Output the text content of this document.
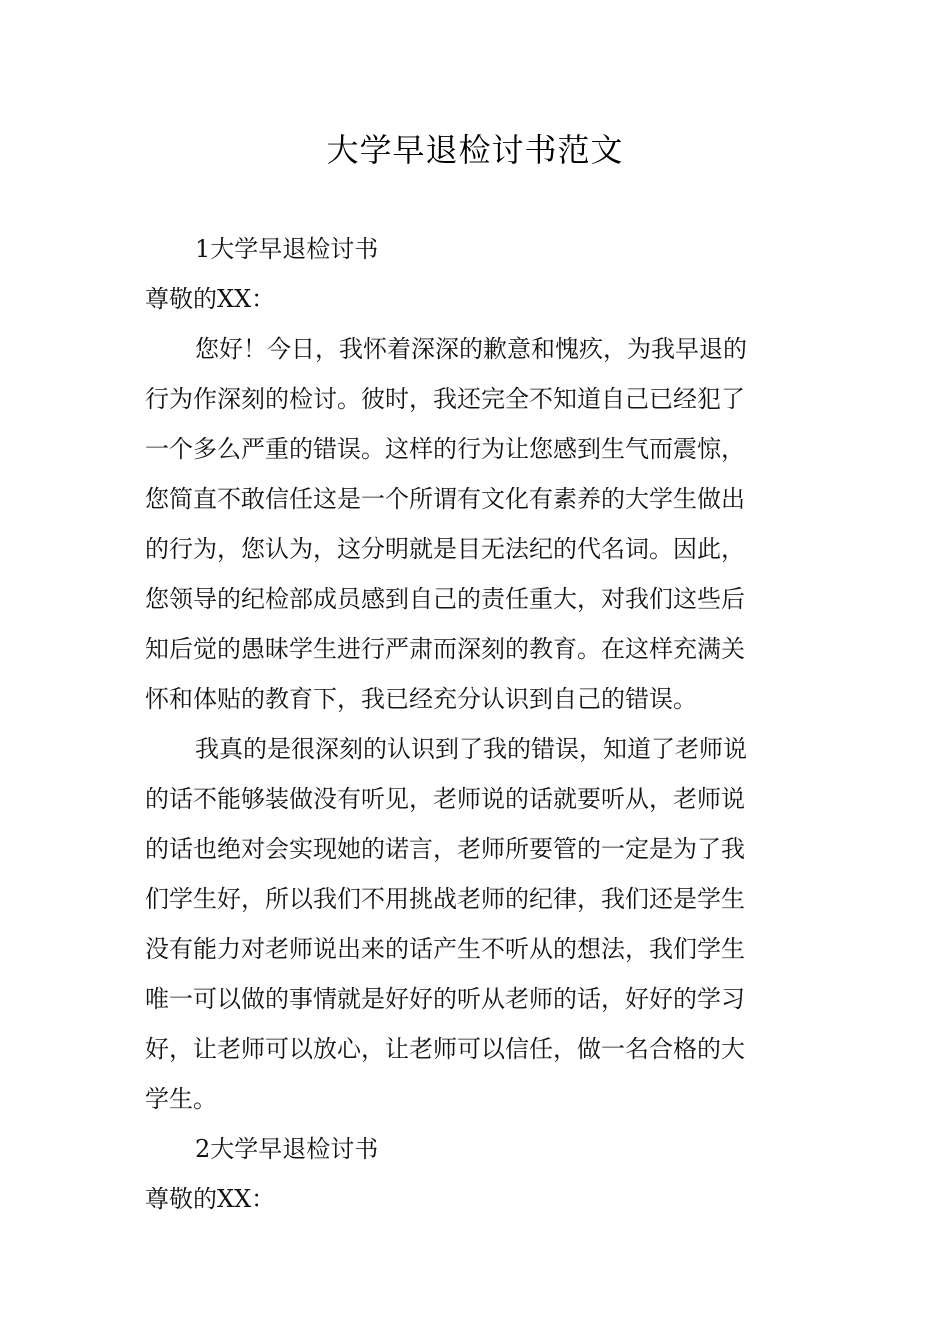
大学早退检讨书范文
1大学早退检讨书
尊敬的XX：
您好！今日，我怀着深深的歉意和愧疚，为我早退的
行为作深刻的检讨。彼时，我还完全不知道自己已经犯了
一个多么严重的错误。这样的行为让您感到生气而震惊，
您简直不敢信任这是一个所谓有文化有素养的大学生做出
的行为，您认为，这分明就是目无法纪的代名词。因此，
您领导的纪检部成员感到自己的责任重大，对我们这些后
知后觉的愚昧学生进行严肃而深刻的教育。在这样充满关
怀和体贴的教育下，我已经充分认识到自己的错误。
我真的是很深刻的认识到了我的错误，知道了老师说
的话不能够装做没有听见，老师说的话就要听从，老师说
的话也绝对会实现她的诺言，老师所要管的一定是为了我
们学生好，所以我们不用挑战老师的纪律，我们还是学生
没有能力对老师说出来的话产生不听从的想法，我们学生
唯一可以做的事情就是好好的听从老师的话，好好的学习
好，让老师可以放心，让老师可以信任，做一名合格的大
学生。
2大学早退检讨书
尊敬的XX：
